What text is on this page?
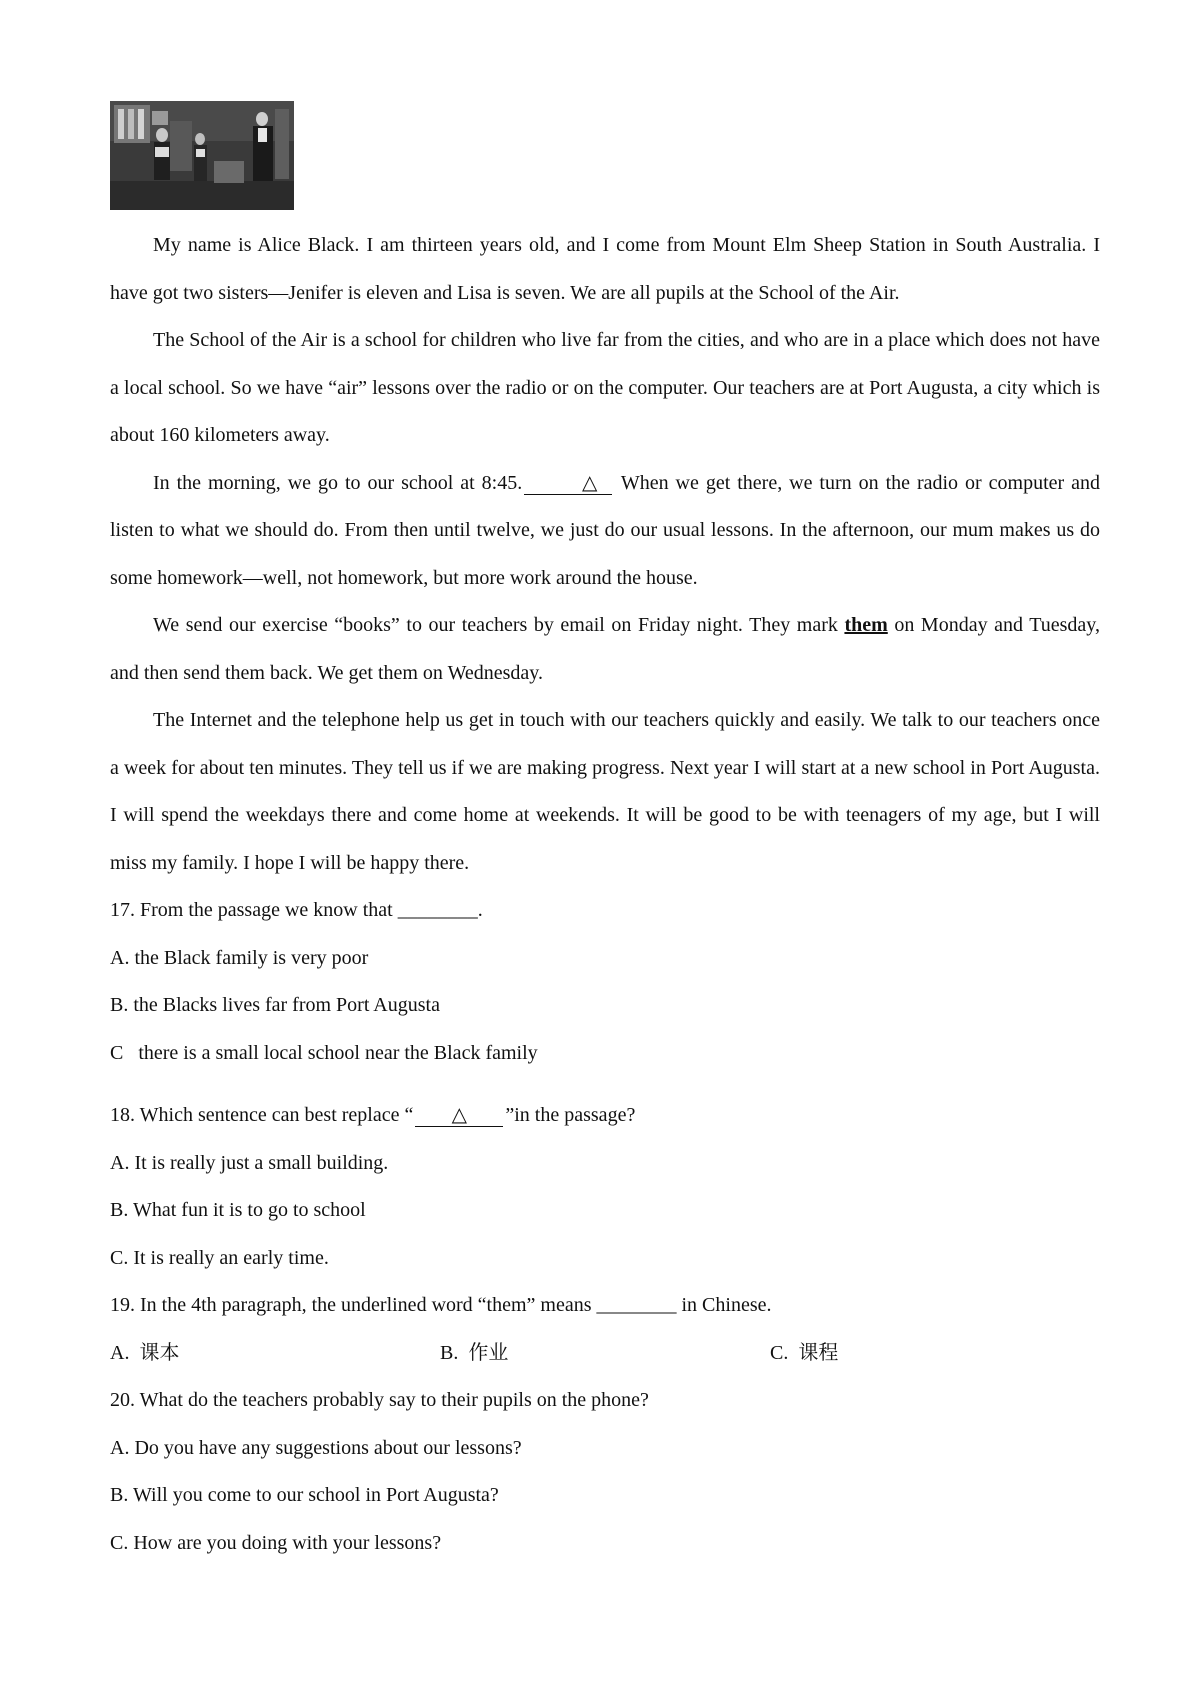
My name is Alice Black. I am thirteen years old, and I come from Mount Elm Sheep Station in South Australia. I have got two sisters—Jenifer is eleven and Lisa is seven. We are all pupils at the School of the Air.

The School of the Air is a school for children who live far from the cities, and who are in a place which does not have a local school. So we have “air” lessons over the radio or on the computer. Our teachers are at Port Augusta, a city which is about 160 kilometers away.

In the morning, we go to our school at 8:45.	△ When we get there, we turn on the radio or computer and listen to what we should do. From then until twelve, we just do our usual lessons. In the afternoon, our mum makes us do some homework—well, not homework, but more work around the house.

We send our exercise “books” to our teachers by email on Friday night. They mark them on Monday and Tuesday, and then send them back. We get them on Wednesday.

The Internet and the telephone help us get in touch with our teachers quickly and easily. We talk to our teachers once a week for about ten minutes. They tell us if we are making progress. Next year I will start at a new school in Port Augusta. I will spend the weekdays there and come home at weekends. It will be good to be with teenagers of my age, but I will miss my family. I hope I will be happy there.

17. From the passage we know that ________.

A. the Black family is very poor

B. the Blacks lives far from Port Augusta

C   there is a small local school near the Black family

18. Which sentence can best replace “ △ ”in the passage?

A. It is really just a small building.

B. What fun it is to go to school

C. It is really an early time.

19. In the 4th paragraph, the underlined word “them” means ________ in Chinese.

A.  课本	B.  作业	C.  课程

20. What do the teachers probably say to their pupils on the phone?

A. Do you have any suggestions about our lessons?

B. Will you come to our school in Port Augusta?

C. How are you doing with your lessons?
